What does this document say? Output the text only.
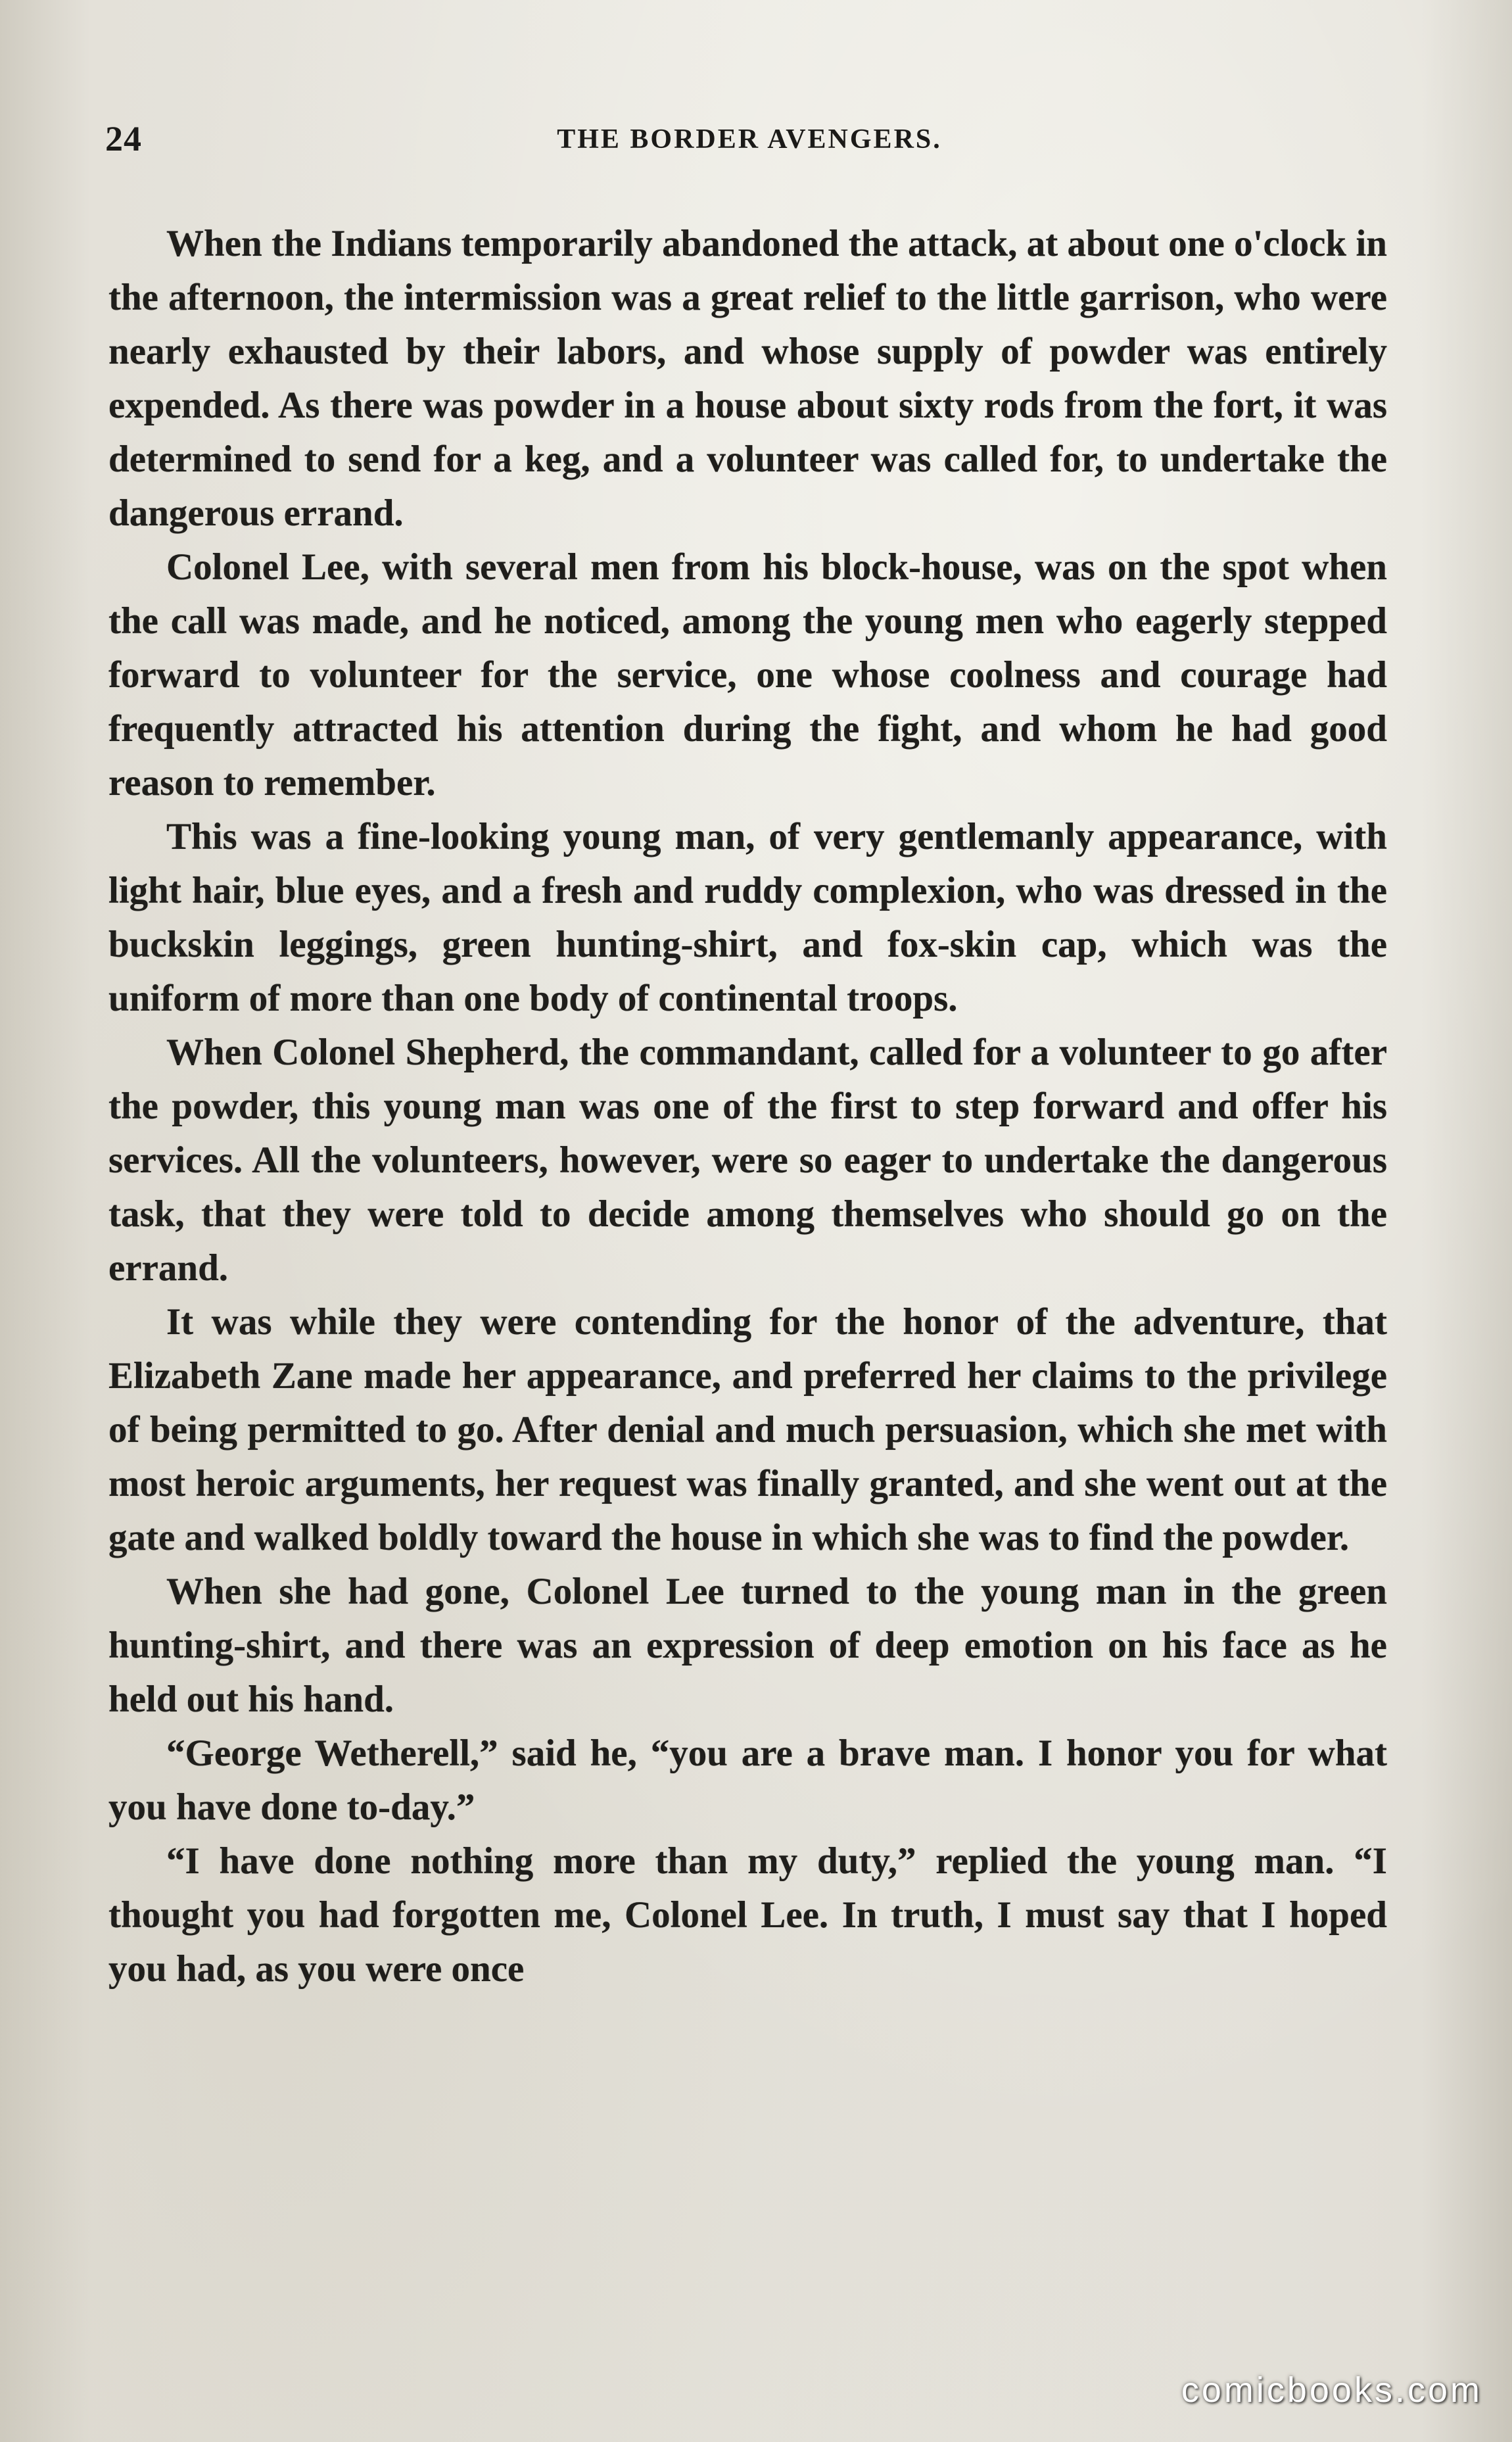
24	THE BORDER AVENGERS.

When the Indians temporarily abandoned the attack, at about one o'clock in the afternoon, the intermission was a great relief to the little garrison, who were nearly exhausted by their labors, and whose supply of powder was entirely expended. As there was powder in a house about sixty rods from the fort, it was determined to send for a keg, and a volunteer was called for, to undertake the dangerous errand.

Colonel Lee, with several men from his block-house, was on the spot when the call was made, and he noticed, among the young men who eagerly stepped forward to volunteer for the service, one whose coolness and courage had frequently attracted his attention during the fight, and whom he had good reason to remember.

This was a fine-looking young man, of very gentlemanly appearance, with light hair, blue eyes, and a fresh and ruddy complexion, who was dressed in the buckskin leggings, green hunting-shirt, and fox-skin cap, which was the uniform of more than one body of continental troops.

When Colonel Shepherd, the commandant, called for a volunteer to go after the powder, this young man was one of the first to step forward and offer his services. All the volunteers, however, were so eager to undertake the dangerous task, that they were told to decide among themselves who should go on the errand.

It was while they were contending for the honor of the adventure, that Elizabeth Zane made her appearance, and preferred her claims to the privilege of being permitted to go. After denial and much persuasion, which she met with most heroic arguments, her request was finally granted, and she went out at the gate and walked boldly toward the house in which she was to find the powder.

When she had gone, Colonel Lee turned to the young man in the green hunting-shirt, and there was an expression of deep emotion on his face as he held out his hand.

“George Wetherell,” said he, “you are a brave man. I honor you for what you have done to-day.”

“I have done nothing more than my duty,” replied the young man. “I thought you had forgotten me, Colonel Lee. In truth, I must say that I hoped you had, as you were once

comicbooks.com
